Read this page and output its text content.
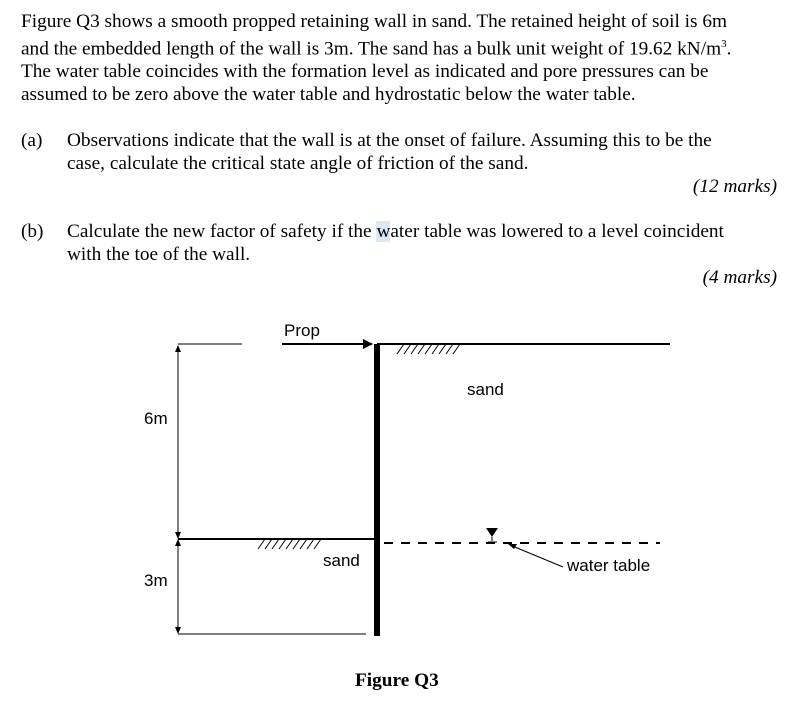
Figure Q3 shows a smooth propped retaining wall in sand. The retained height of soil is 6m
and the embedded length of the wall is 3m. The sand has a bulk unit weight of 19.62 $kN/m^3$.
The water table coincides with the formation level as indicated and pore pressures can be
assumed to be zero above the water table and hydrostatic below the water table.
(a) Observations indicate that the wall is at the onset of failure. Assuming this to be the
case, calculate the critical state angle of friction of the sand.
(12 marks)
(b) Calculate the new factor of safety if the water table was lowered to a level coincident
with the toe of the wall.
(4 marks)
Prop
6m
3m
water table
sand
sand
Figure Q3
